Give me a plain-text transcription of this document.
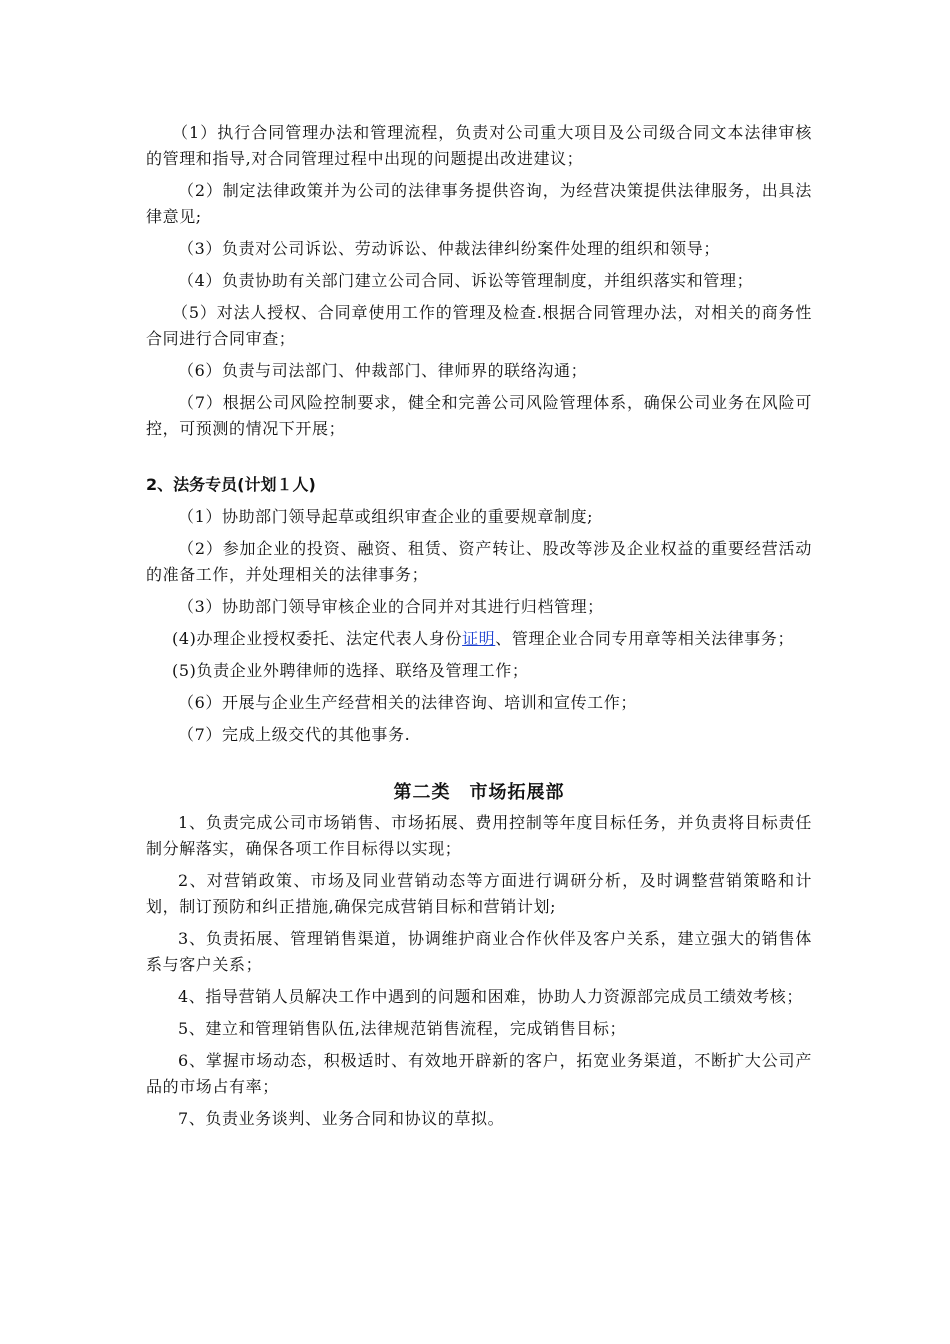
（1）执行合同管理办法和管理流程，负责对公司重大项目及公司级合同文本法律审核的管理和指导,对合同管理过程中出现的问题提出改进建议；

（2）制定法律政策并为公司的法律事务提供咨询，为经营决策提供法律服务，出具法律意见;

（3）负责对公司诉讼、劳动诉讼、仲裁法律纠纷案件处理的组织和领导；

（4）负责协助有关部门建立公司合同、诉讼等管理制度，并组织落实和管理；

（5）对法人授权、合同章使用工作的管理及检查.根据合同管理办法，对相关的商务性合同进行合同审查；

（6）负责与司法部门、仲裁部门、律师界的联络沟通；

（7）根据公司风险控制要求，健全和完善公司风险管理体系，确保公司业务在风险可控，可预测的情况下开展；

2、法务专员(计划１人)

（1）协助部门领导起草或组织审查企业的重要规章制度;

（2）参加企业的投资、融资、租赁、资产转让、股改等涉及企业权益的重要经营活动的准备工作，并处理相关的法律事务；

（3）协助部门领导审核企业的合同并对其进行归档管理；

(4)办理企业授权委托、法定代表人身份证明、管理企业合同专用章等相关法律事务；

(5)负责企业外聘律师的选择、联络及管理工作；

（6）开展与企业生产经营相关的法律咨询、培训和宣传工作；

（7）完成上级交代的其他事务.

第二类　市场拓展部

1、负责完成公司市场销售、市场拓展、费用控制等年度目标任务，并负责将目标责任制分解落实，确保各项工作目标得以实现；

2、对营销政策、市场及同业营销动态等方面进行调研分析，及时调整营销策略和计划，制订预防和纠正措施,确保完成营销目标和营销计划;

3、负责拓展、管理销售渠道，协调维护商业合作伙伴及客户关系，建立强大的销售体系与客户关系；

4、指导营销人员解决工作中遇到的问题和困难，协助人力资源部完成员工绩效考核；

5、建立和管理销售队伍,法律规范销售流程，完成销售目标；

6、掌握市场动态，积极适时、有效地开辟新的客户，拓宽业务渠道，不断扩大公司产品的市场占有率；

7、负责业务谈判、业务合同和协议的草拟。
